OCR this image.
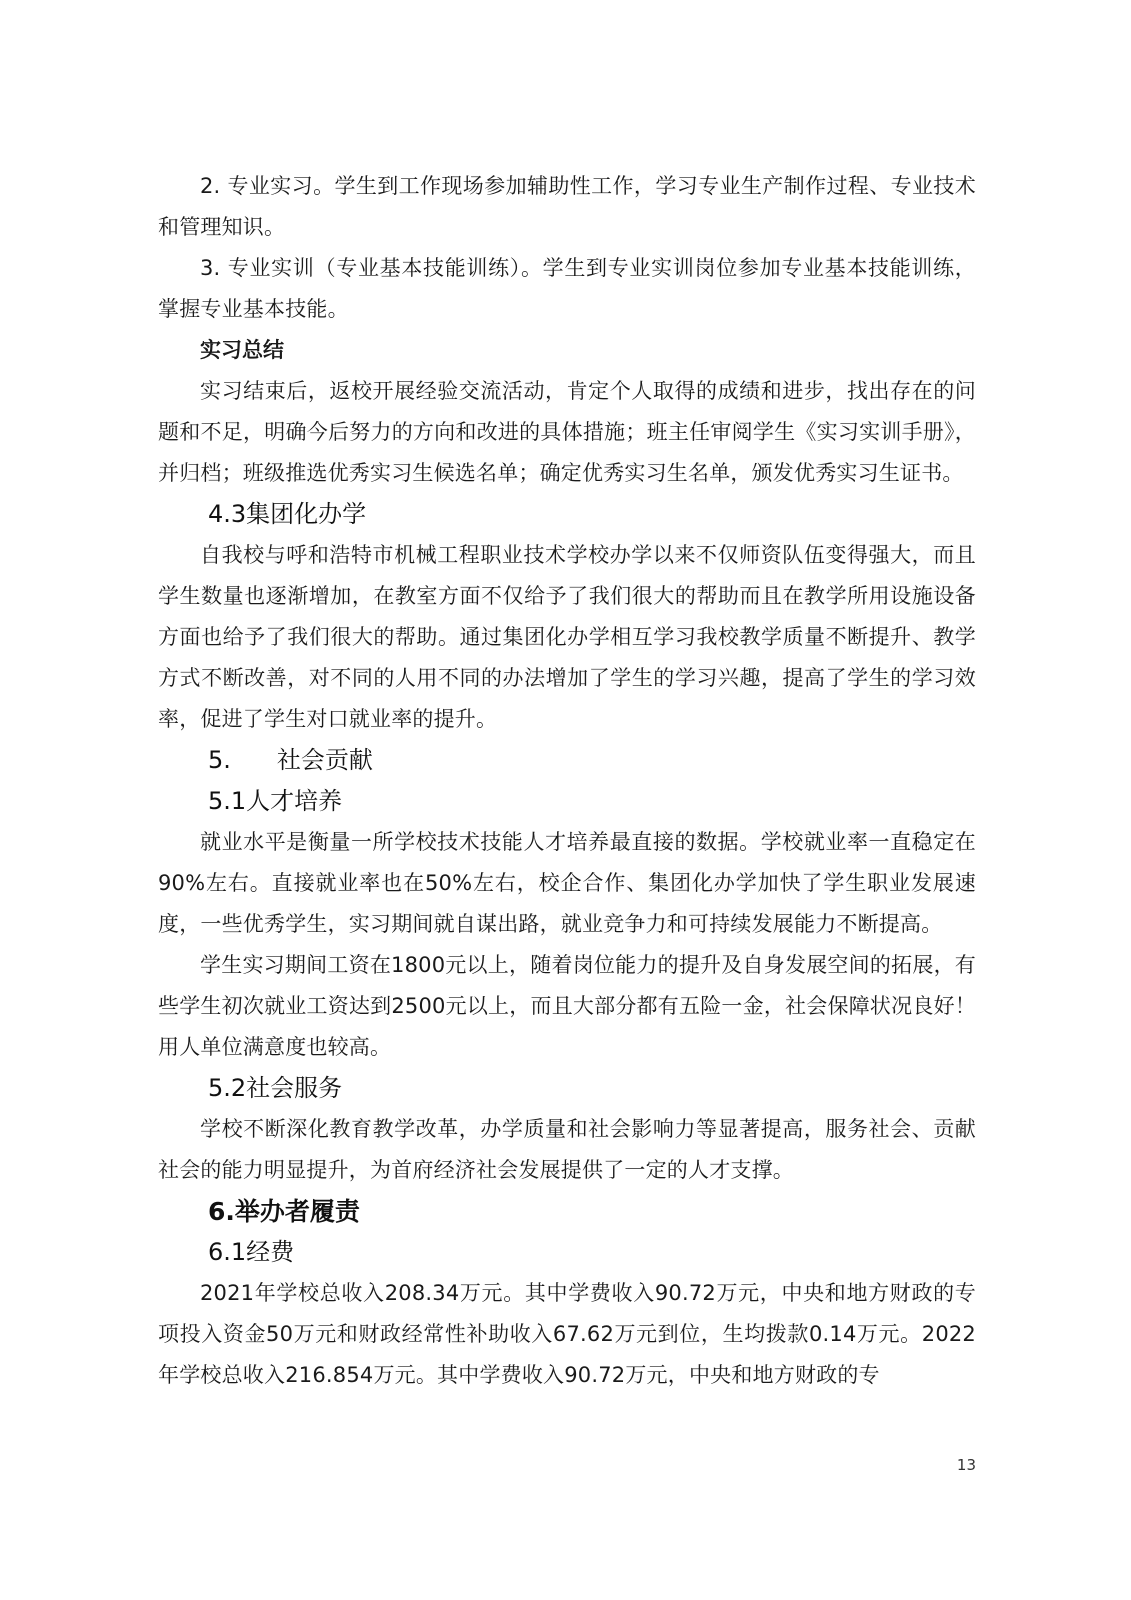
2. 专业实习。学生到工作现场参加辅助性工作，学习专业生产制作过程、专业技术和管理知识。

3. 专业实训（专业基本技能训练）。学生到专业实训岗位参加专业基本技能训练，掌握专业基本技能。

实习总结

实习结束后，返校开展经验交流活动，肯定个人取得的成绩和进步，找出存在的问题和不足，明确今后努力的方向和改进的具体措施；班主任审阅学生《实习实训手册》，并归档；班级推选优秀实习生候选名单；确定优秀实习生名单，颁发优秀实习生证书。

4.3集团化办学

自我校与呼和浩特市机械工程职业技术学校办学以来不仅师资队伍变得强大，而且学生数量也逐渐增加，在教室方面不仅给予了我们很大的帮助而且在教学所用设施设备方面也给予了我们很大的帮助。通过集团化办学相互学习我校教学质量不断提升、教学方式不断改善，对不同的人用不同的办法增加了学生的学习兴趣，提高了学生的学习效率，促进了学生对口就业率的提升。

5. 社会贡献

5.1人才培养

就业水平是衡量一所学校技术技能人才培养最直接的数据。学校就业率一直稳定在90%左右。直接就业率也在50%左右，校企合作、集团化办学加快了学生职业发展速度，一些优秀学生，实习期间就自谋出路，就业竞争力和可持续发展能力不断提高。

学生实习期间工资在1800元以上，随着岗位能力的提升及自身发展空间的拓展，有些学生初次就业工资达到2500元以上，而且大部分都有五险一金，社会保障状况良好！用人单位满意度也较高。

5.2社会服务

学校不断深化教育教学改革，办学质量和社会影响力等显著提高，服务社会、贡献社会的能力明显提升，为首府经济社会发展提供了一定的人才支撑。

6.举办者履责

6.1经费

2021年学校总收入208.34万元。其中学费收入90.72万元，中央和地方财政的专项投入资金50万元和财政经常性补助收入67.62万元到位，生均拨款0.14万元。2022年学校总收入216.854万元。其中学费收入90.72万元，中央和地方财政的专

13
